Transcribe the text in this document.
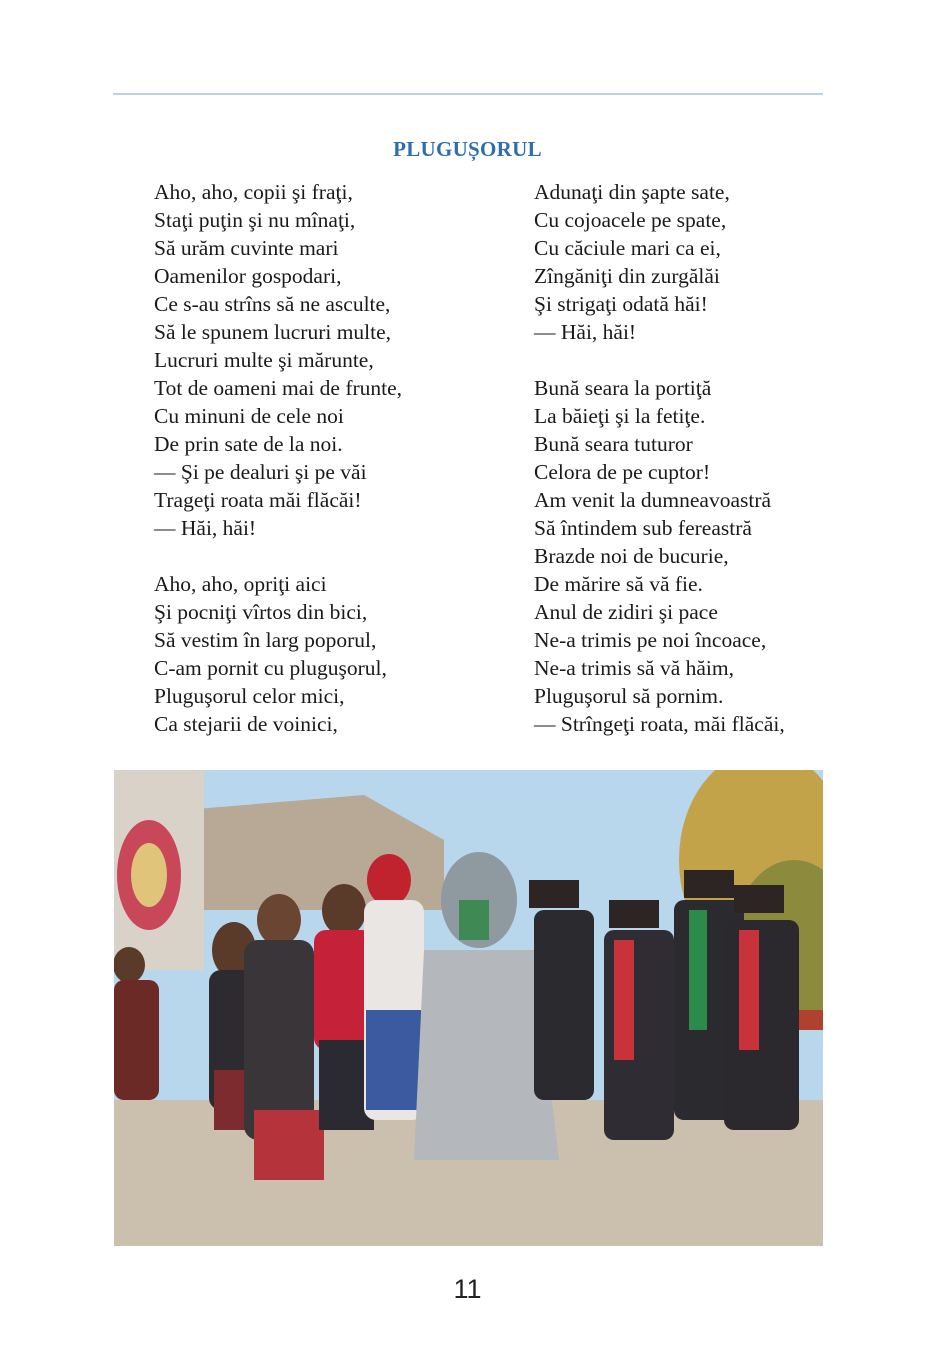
PLUGUȘORUL
Aho, aho, copii şi fraţi,
Staţi puţin şi nu mînaţi,
Să urăm cuvinte mari
Oamenilor gospodari,
Ce s-au strîns să ne asculte,
Să le spunem lucruri multe,
Lucruri multe şi mărunte,
Tot de oameni mai de frunte,
Cu minuni de cele noi
De prin sate de la noi.
— Şi pe dealuri şi pe văi
Trageţi roata măi flăcăi!
— Hăi, hăi!
Aho, aho, opriţi aici
Şi pocniţi vîrtos din bici,
Să vestim în larg poporul,
C-am pornit cu pluguşorul,
Pluguşorul celor mici,
Ca stejarii de voinici,
Adunaţi din şapte sate,
Cu cojoacele pe spate,
Cu căciule mari ca ei,
Zîngăniţi din zurgălăi
Şi strigaţi odată hăi!
— Hăi, hăi!
Bună seara la portiţă
La băieţi şi la fetiţe.
Bună seara tuturor
Celora de pe cuptor!
Am venit la dumneavoastră
Să întindem sub fereastră
Brazde noi de bucurie,
De mărire să vă fie.
Anul de zidiri şi pace
Ne-a trimis pe noi încoace,
Ne-a trimis să vă hăim,
Pluguşorul să pornim.
— Strîngeţi roata, măi flăcăi,
11
